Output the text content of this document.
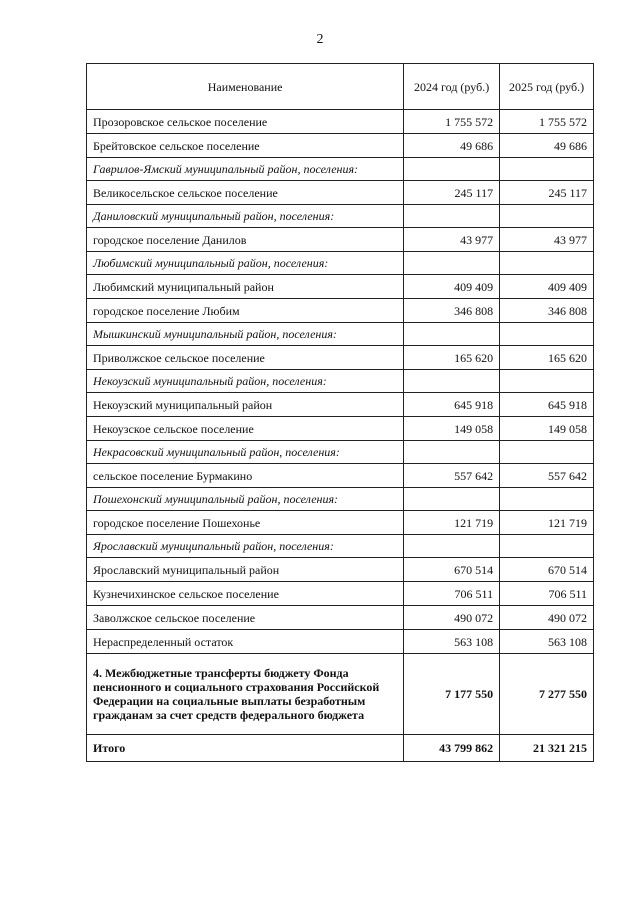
2
Наименование	2024 год (руб.)	2025 год (руб.)
Прозоровское сельское поселение	1 755 572	1 755 572
Брейтовское сельское поселение	49 686	49 686
Гаврилов-Ямский муниципальный район, поселения:		
Великосельское сельское поселение	245 117	245 117
Даниловский муниципальный район, поселения:		
городское поселение Данилов	43 977	43 977
Любимский муниципальный район, поселения:		
Любимский муниципальный район	409 409	409 409
городское поселение Любим	346 808	346 808
Мышкинский муниципальный район, поселения:		
Приволжское сельское поселение	165 620	165 620
Некоузский муниципальный район, поселения:		
Некоузский муниципальный район	645 918	645 918
Некоузское сельское поселение	149 058	149 058
Некрасовский муниципальный район, поселения:		
сельское поселение Бурмакино	557 642	557 642
Пошехонский муниципальный район, поселения:		
городское поселение Пошехонье	121 719	121 719
Ярославский муниципальный район, поселения:		
Ярославский муниципальный район	670 514	670 514
Кузнечихинское сельское поселение	706 511	706 511
Заволжское сельское поселение	490 072	490 072
Нераспределенный остаток	563 108	563 108
4. Межбюджетные трансферты бюджету Фонда пенсионного и социального страхования Российской Федерации на социальные выплаты безработным гражданам за счет средств федерального бюджета	7 177 550	7 277 550
Итого	43 799 862	21 321 215
